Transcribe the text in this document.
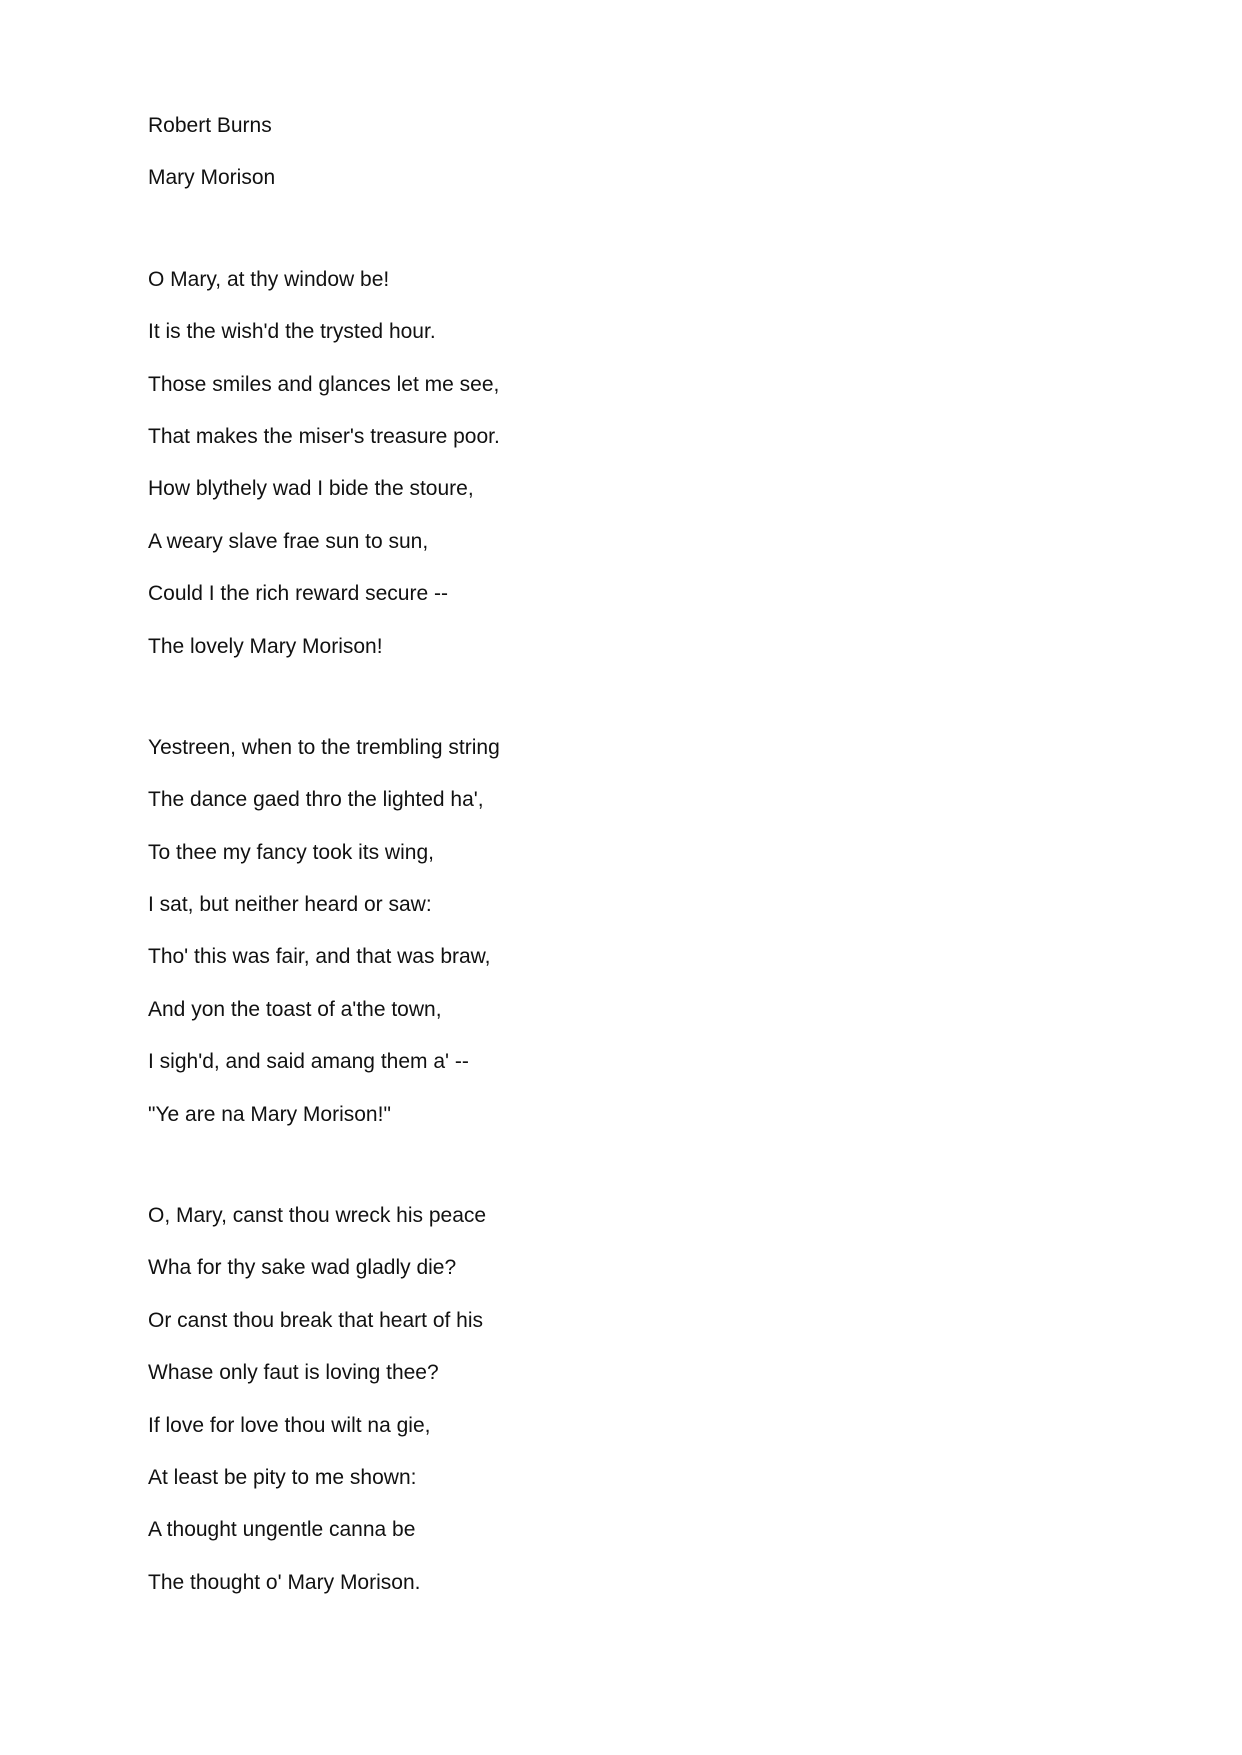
Robert Burns
Mary Morison
O Mary, at thy window be!
It is the wish'd the trysted hour.
Those smiles and glances let me see,
That makes the miser's treasure poor.
How blythely wad I bide the stoure,
A weary slave frae sun to sun,
Could I the rich reward secure --
The lovely Mary Morison!
Yestreen, when to the trembling string
The dance gaed thro the lighted ha',
To thee my fancy took its wing,
I sat, but neither heard or saw:
Tho' this was fair, and that was braw,
And yon the toast of a'the town,
I sigh'd, and said amang them a' --
"Ye are na Mary Morison!"
O, Mary, canst thou wreck his peace
Wha for thy sake wad gladly die?
Or canst thou break that heart of his
Whase only faut is loving thee?
If love for love thou wilt na gie,
At least be pity to me shown:
A thought ungentle canna be
The thought o' Mary Morison.
